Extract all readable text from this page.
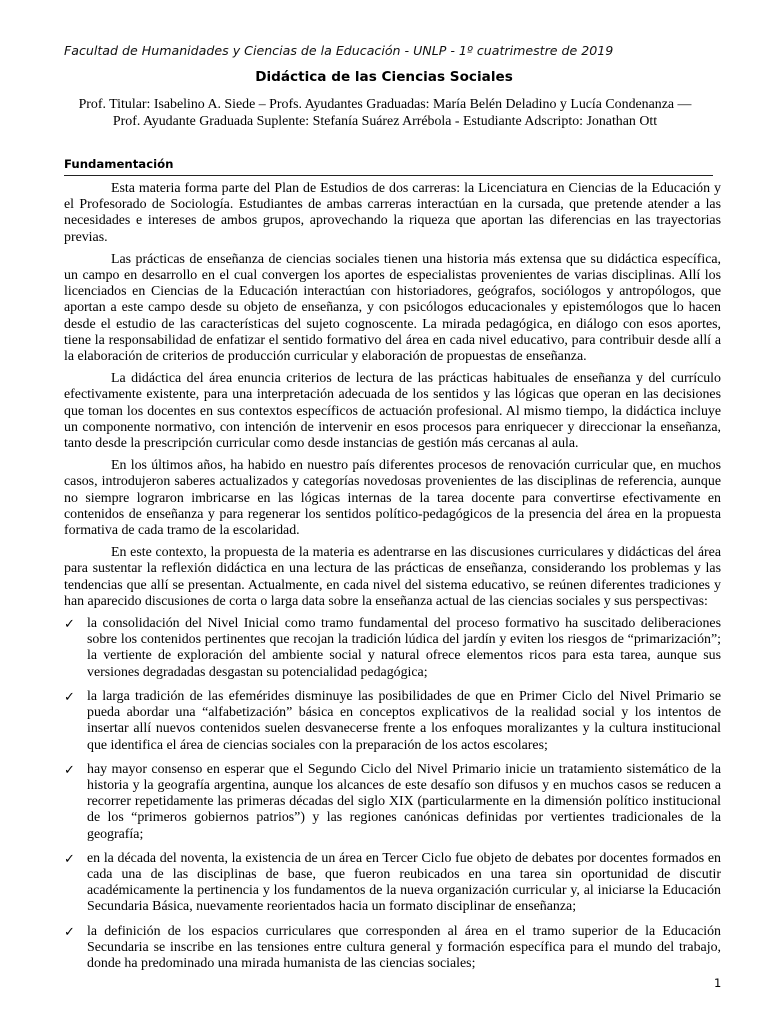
Facultad de Humanidades y Ciencias de la Educación - UNLP - 1º cuatrimestre de 2019
Didáctica de las Ciencias Sociales
Prof. Titular: Isabelino A. Siede – Profs. Ayudantes Graduadas: María Belén Deladino y Lucía Condenanza —
Prof. Ayudante Graduada Suplente: Stefanía Suárez Arrébola - Estudiante Adscripto: Jonathan Ott
Fundamentación

Esta materia forma parte del Plan de Estudios de dos carreras: la Licenciatura en Ciencias de la Educación y el Profesorado de Sociología. Estudiantes de ambas carreras interactúan en la cursada, que pretende atender a las necesidades e intereses de ambos grupos, aprovechando la riqueza que aportan las diferencias en las trayectorias previas.

Las prácticas de enseñanza de ciencias sociales tienen una historia más extensa que su didáctica específica, un campo en desarrollo en el cual convergen los aportes de especialistas provenientes de varias disciplinas. Allí los licenciados en Ciencias de la Educación interactúan con historiadores, geógrafos, sociólogos y antropólogos, que aportan a este campo desde su objeto de enseñanza, y con psicólogos educacionales y epistemólogos que lo hacen desde el estudio de las características del sujeto cognoscente. La mirada pedagógica, en diálogo con esos aportes, tiene la responsabilidad de enfatizar el sentido formativo del área en cada nivel educativo, para contribuir desde allí a la elaboración de criterios de producción curricular y elaboración de propuestas de enseñanza.

La didáctica del área enuncia criterios de lectura de las prácticas habituales de enseñanza y del currículo efectivamente existente, para una interpretación adecuada de los sentidos y las lógicas que operan en las decisiones que toman los docentes en sus contextos específicos de actuación profesional. Al mismo tiempo, la didáctica incluye un componente normativo, con intención de intervenir en esos procesos para enriquecer y direccionar la enseñanza, tanto desde la prescripción curricular como desde instancias de gestión más cercanas al aula.

En los últimos años, ha habido en nuestro país diferentes procesos de renovación curricular que, en muchos casos, introdujeron saberes actualizados y categorías novedosas provenientes de las disciplinas de referencia, aunque no siempre lograron imbricarse en las lógicas internas de la tarea docente para convertirse efectivamente en contenidos de enseñanza y para regenerar los sentidos político-pedagógicos de la presencia del área en la propuesta formativa de cada tramo de la escolaridad.

En este contexto, la propuesta de la materia es adentrarse en las discusiones curriculares y didácticas del área para sustentar la reflexión didáctica en una lectura de las prácticas de enseñanza, considerando los problemas y las tendencias que allí se presentan. Actualmente, en cada nivel del sistema educativo, se reúnen diferentes tradiciones y han aparecido discusiones de corta o larga data sobre la enseñanza actual de las ciencias sociales y sus perspectivas:

✓ la consolidación del Nivel Inicial como tramo fundamental del proceso formativo ha suscitado deliberaciones sobre los contenidos pertinentes que recojan la tradición lúdica del jardín y eviten los riesgos de “primarización”; la vertiente de exploración del ambiente social y natural ofrece elementos ricos para esta tarea, aunque sus versiones degradadas desgastan su potencialidad pedagógica;
✓ la larga tradición de las efemérides disminuye las posibilidades de que en Primer Ciclo del Nivel Primario se pueda abordar una “alfabetización” básica en conceptos explicativos de la realidad social y los intentos de insertar allí nuevos contenidos suelen desvanecerse frente a los enfoques moralizantes y la cultura institucional que identifica el área de ciencias sociales con la preparación de los actos escolares;
✓ hay mayor consenso en esperar que el Segundo Ciclo del Nivel Primario inicie un tratamiento sistemático de la historia y la geografía argentina, aunque los alcances de este desafío son difusos y en muchos casos se reducen a recorrer repetidamente las primeras décadas del siglo XIX (particularmente en la dimensión político institucional de los “primeros gobiernos patrios”) y las regiones canónicas definidas por vertientes tradicionales de la geografía;
✓ en la década del noventa, la existencia de un área en Tercer Ciclo fue objeto de debates por docentes formados en cada una de las disciplinas de base, que fueron reubicados en una tarea sin oportunidad de discutir académicamente la pertinencia y los fundamentos de la nueva organización curricular y, al iniciarse la Educación Secundaria Básica, nuevamente reorientados hacia un formato disciplinar de enseñanza;
✓ la definición de los espacios curriculares que corresponden al área en el tramo superior de la Educación Secundaria se inscribe en las tensiones entre cultura general y formación específica para el mundo del trabajo, donde ha predominado una mirada humanista de las ciencias sociales;
1
